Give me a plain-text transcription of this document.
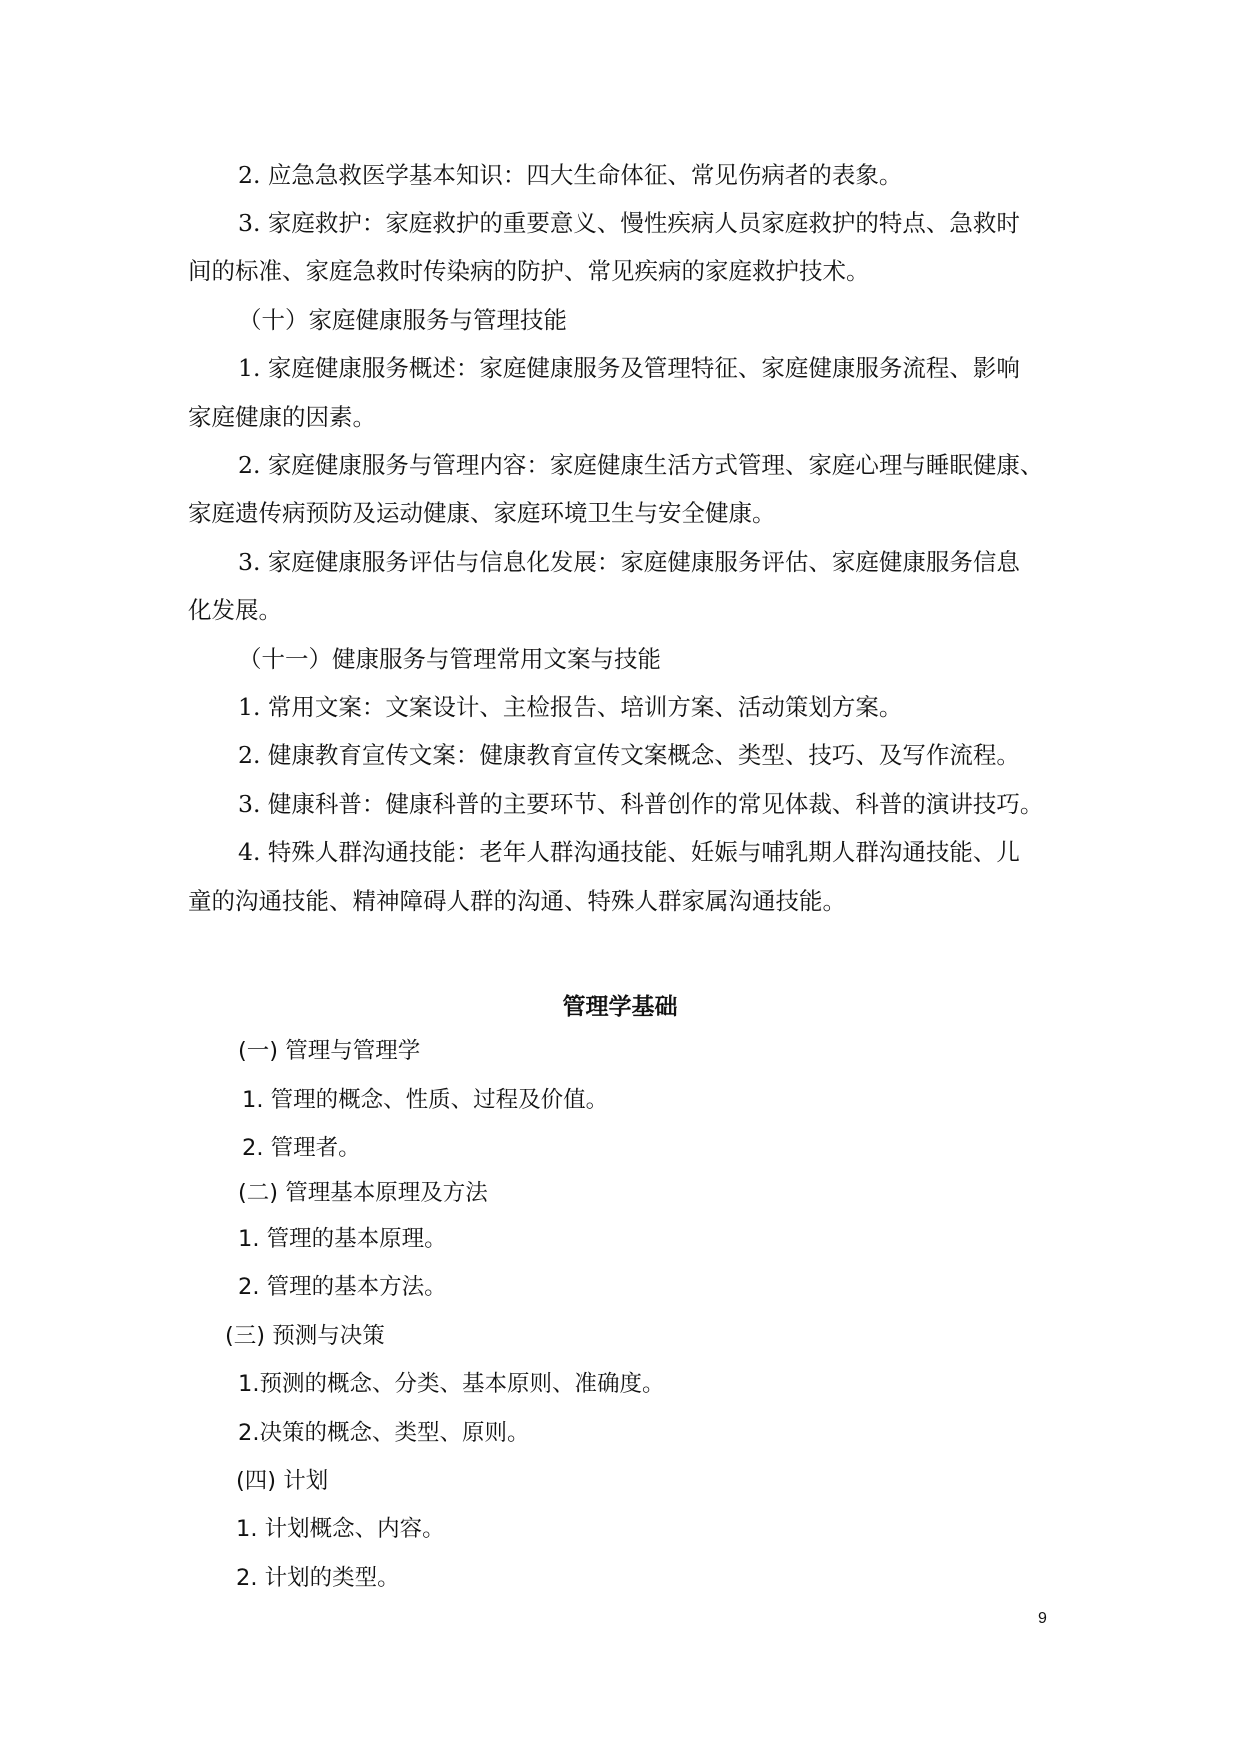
2. 应急急救医学基本知识：四大生命体征、常见伤病者的表象。
3. 家庭救护：家庭救护的重要意义、慢性疾病人员家庭救护的特点、急救时
间的标准、家庭急救时传染病的防护、常见疾病的家庭救护技术。
（十）家庭健康服务与管理技能
1. 家庭健康服务概述：家庭健康服务及管理特征、家庭健康服务流程、影响
家庭健康的因素。
2. 家庭健康服务与管理内容：家庭健康生活方式管理、家庭心理与睡眠健康、
家庭遗传病预防及运动健康、家庭环境卫生与安全健康。
3. 家庭健康服务评估与信息化发展：家庭健康服务评估、家庭健康服务信息
化发展。
（十一）健康服务与管理常用文案与技能
1. 常用文案：文案设计、主检报告、培训方案、活动策划方案。
2. 健康教育宣传文案：健康教育宣传文案概念、类型、技巧、及写作流程。
3. 健康科普：健康科普的主要环节、科普创作的常见体裁、科普的演讲技巧。
4. 特殊人群沟通技能：老年人群沟通技能、妊娠与哺乳期人群沟通技能、儿
童的沟通技能、精神障碍人群的沟通、特殊人群家属沟通技能。
管理学基础
(一) 管理与管理学
1. 管理的概念、性质、过程及价值。
2. 管理者。
(二) 管理基本原理及方法
1. 管理的基本原理。
2. 管理的基本方法。
(三) 预测与决策
1.预测的概念、分类、基本原则、准确度。
2.决策的概念、类型、原则。
(四) 计划
1. 计划概念、内容。
2. 计划的类型。
9
